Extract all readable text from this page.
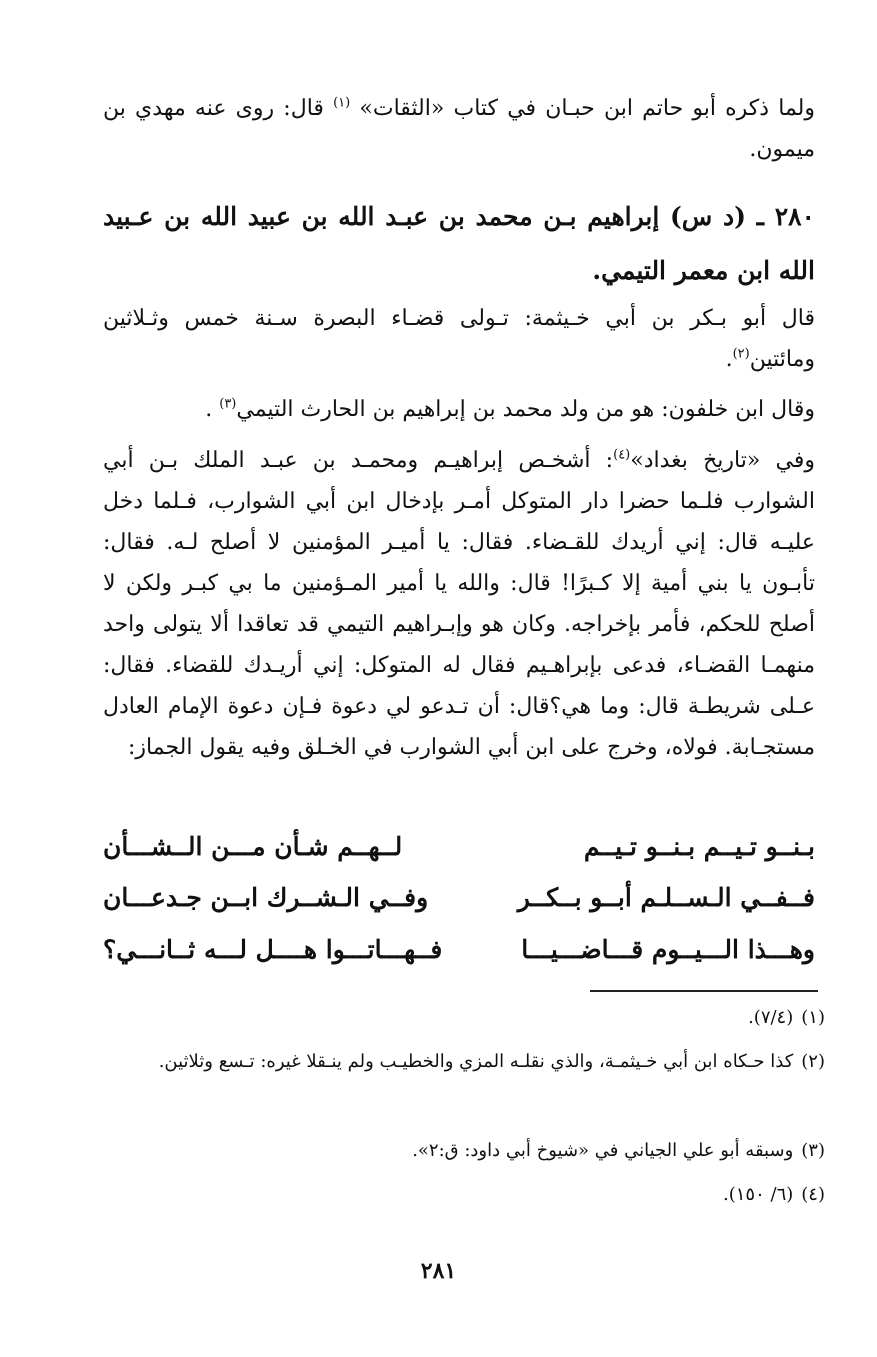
ولما ذكره أبو حاتم ابن حبـان في كتاب «الثقات» $^{(١)}$ قال: روى عنه مهدي بن ميمون.

٢٨٠ ـ (د س) إبراهيم بـن محمد بن عبـد الله بن عبيد الله بن عـبيد الله ابن معمر التيمي.

قال أبو بـكر بن أبي خـيثمة: تـولى قضـاء البصرة سـنة خمس وثـلاثين ومائتين$^{(٢)}$.

وقال ابن خلفون: هو من ولد محمد بن إبراهيم بن الحارث التيمي$^{(٣)}$ .

وفي «تاريخ بغداد»$^{(٤)}$: أشخـص إبراهيـم ومحمـد بن عبـد الملك بـن أبي الشوارب فلـما حضرا دار المتوكل أمـر بإدخال ابن أبي الشوارب، فـلما دخل عليـه قال: إني أريدك للقـضاء. فقال: يا أميـر المؤمنين لا أصلح لـه. فقال: تأبـون يا بني أمية إلا كـبرًا! قال: والله يا أمير المـؤمنين ما بي كبـر ولكن لا أصلح للحكم، فأمر بإخراجه. وكان هو وإبـراهيم التيمي قد تعاقدا ألا يتولى واحد منهمـا القضـاء، فدعى بإبراهـيم فقال له المتوكل: إني أريـدك للقضاء. فقال: عـلى شريطـة قال: وما هي؟قال: أن تـدعو لي دعوة فـإن دعوة الإمام العادل مستجـابة. فولاه، وخرج على ابن أبي الشوارب في الخـلق وفيه يقول الجماز:

بـنــو تـيــم بـنــو تـيــم
لــهــم شـأن مـــن الــشـــأن
فــفــي الـســلـم أبــو بــكــر
وفــي الـشــرك ابــن جـدعـــان
وهـــذا الـــيــوم قـــاضـــيـــا
فــهـــاتـــوا هــــل لـــه ثــانـــي؟

(١)(٧/٤).

(٢)كذا حـكاه ابن أبي خـيثمـة، والذي نقلـه المزي والخطيـب ولم ينـقلا غيره: تـسع وثلاثين.

(٣)وسبقه أبو علي الجياني في «شيوخ أبي داود: ق:٢».

(٤)(٦/ ١٥٠).

٢٨١
